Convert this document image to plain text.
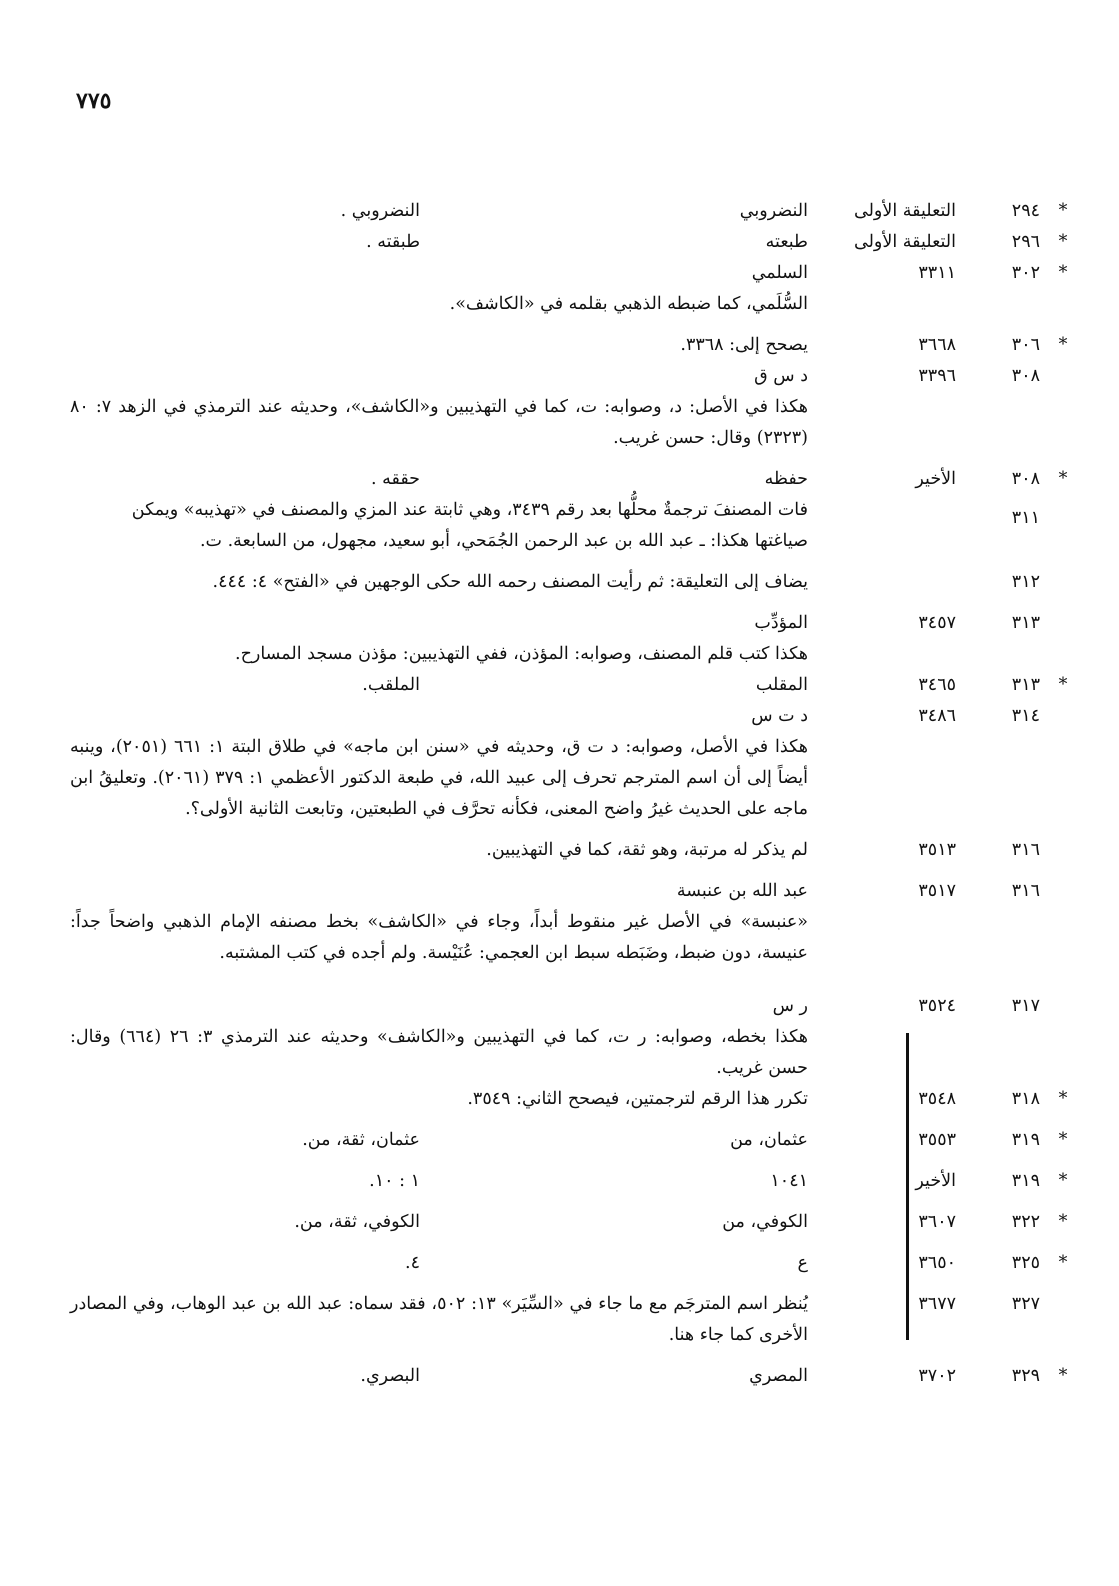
٧٧٥
*
٢٩٤
التعليقة الأولى
النضروبي
النضروبي .
*
٢٩٦
التعليقة الأولى
طبعته
طبقته .
*
٣٠٢
٣٣١١
السلمي
السُّلَمي، كما ضبطه الذهبي بقلمه في «الكاشف».
*
٣٠٦
٣٦٦٨
يصحح إلى: ٣٣٦٨.
٣٠٨
٣٣٩٦
د س ق
هكذا في الأصل: د، وصوابه: ت، كما في التهذيبين و«الكاشف»، وحديثه عند الترمذي في الزهد ٧: ٨٠ (٢٣٢٣) وقال: حسن غريب.
*
٣٠٨
الأخير
حفظه
حققه .
٣١١
فات المصنفَ ترجمةٌ محلُّها بعد رقم ٣٤٣٩، وهي ثابتة عند المزي والمصنف في «تهذيبه» ويمكن
صياغتها هكذا: ـ عبد الله بن عبد الرحمن الجُمَحي، أبو سعيد، مجهول، من السابعة. ت.
٣١٢
يضاف إلى التعليقة: ثم رأيت المصنف رحمه الله حكى الوجهين في «الفتح» ٤: ٤٤٤.
٣١٣
٣٤٥٧
المؤدِّب
هكذا كتب قلم المصنف، وصوابه: المؤذن، ففي التهذيبين: مؤذن مسجد المسارح.
*
٣١٣
٣٤٦٥
المقلب
الملقب.
٣١٤
٣٤٨٦
د ت س
هكذا في الأصل، وصوابه: د ت ق، وحديثه في «سنن ابن ماجه» في طلاق البتة ١: ٦٦١ (٢٠٥١)، وينبه أيضاً إلى أن اسم المترجم تحرف إلى عبيد الله، في طبعة الدكتور الأعظمي ١: ٣٧٩ (٢٠٦١). وتعليقُ ابن ماجه على الحديث غيرُ واضح المعنى، فكأنه تحرَّف في الطبعتين، وتابعت الثانية الأولى؟.
٣١٦
٣٥١٣
لم يذكر له مرتبة، وهو ثقة، كما في التهذيبين.
٣١٦
٣٥١٧
عبد الله بن عنبسة
«عنبسة» في الأصل غير منقوط أبداً، وجاء في «الكاشف» بخط مصنفه الإمام الذهبي واضحاً جداً: عنيسة، دون ضبط، وضَبَطه سبط ابن العجمي: عُنَيْسة. ولم أجده في كتب المشتبه.
٣١٧
٣٥٢٤
ر س
هكذا بخطه، وصوابه: ر ت، كما في التهذيبين و«الكاشف» وحديثه عند الترمذي ٣: ٢٦ (٦٦٤) وقال: حسن غريب.
*
٣١٨
٣٥٤٨
تكرر هذا الرقم لترجمتين، فيصحح الثاني: ٣٥٤٩.
*
٣١٩
٣٥٥٣
عثمان، من
عثمان، ثقة، من.
*
٣١٩
الأخير
١٠٤١
١ : ١٠.
*
٣٢٢
٣٦٠٧
الكوفي، من
الكوفي، ثقة، من.
*
٣٢٥
٣٦٥٠
ع
٤.
٣٢٧
٣٦٧٧
يُنظر اسم المترجَم مع ما جاء في «السِّيَر» ١٣: ٥٠٢، فقد سماه: عبد الله بن عبد الوهاب، وفي المصادر الأخرى كما جاء هنا.
*
٣٢٩
٣٧٠٢
المصري
البصري.
